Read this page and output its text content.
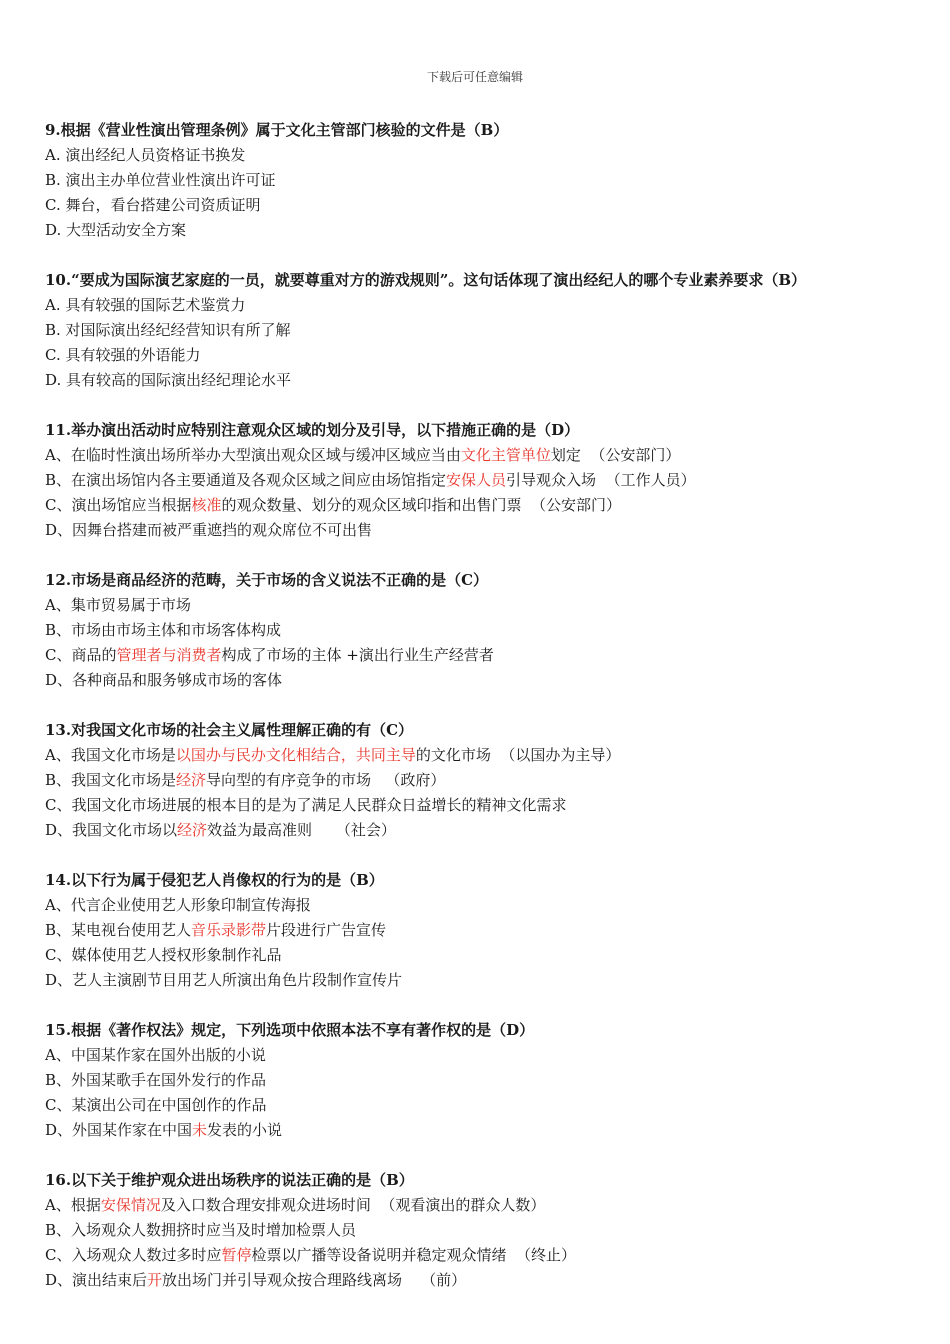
下载后可任意编辑
9.根据《营业性演出管理条例》属于文化主管部门核验的文件是（B）
A. 演出经纪人员资格证书换发
B. 演出主办单位营业性演出许可证
C. 舞台，看台搭建公司资质证明
D. 大型活动安全方案
10.“要成为国际演艺家庭的一员，就要尊重对方的游戏规则”。这句话体现了演出经纪人的哪个专业素养要求（B）
A. 具有较强的国际艺术鉴赏力
B. 对国际演出经纪经营知识有所了解
C. 具有较强的外语能力
D. 具有较高的国际演出经纪理论水平
11.举办演出活动时应特别注意观众区域的划分及引导，以下措施正确的是（D）
A、在临时性演出场所举办大型演出观众区域与缓冲区域应当由文化主管单位划定  （公安部门）
B、在演出场馆内各主要通道及各观众区域之间应由场馆指定安保人员引导观众入场  （工作人员）
C、演出场馆应当根据核准的观众数量、划分的观众区域印指和出售门票  （公安部门）
D、因舞台搭建而被严重遮挡的观众席位不可出售
12.市场是商品经济的范畴，关于市场的含义说法不正确的是（C）
A、集市贸易属于市场
B、市场由市场主体和市场客体构成
C、商品的管理者与消费者构成了市场的主体 +演出行业生产经营者
D、各种商品和服务够成市场的客体
13.对我国文化市场的社会主义属性理解正确的有（C）
A、我国文化市场是以国办与民办文化相结合，共同主导的文化市场  （以国办为主导）
B、我国文化市场是经济导向型的有序竞争的市场   （政府）
C、我国文化市场进展的根本目的是为了满足人民群众日益增长的精神文化需求
D、我国文化市场以经济效益为最高准则     （社会）
14.以下行为属于侵犯艺人肖像权的行为的是（B）
A、代言企业使用艺人形象印制宣传海报
B、某电视台使用艺人音乐录影带片段进行广告宣传
C、媒体使用艺人授权形象制作礼品
D、艺人主演剧节目用艺人所演出角色片段制作宣传片
15.根据《著作权法》规定，下列选项中依照本法不享有著作权的是（D）
A、中国某作家在国外出版的小说
B、外国某歌手在国外发行的作品
C、某演出公司在中国创作的作品
D、外国某作家在中国未发表的小说
16.以下关于维护观众进出场秩序的说法正确的是（B）
A、根据安保情况及入口数合理安排观众进场时间  （观看演出的群众人数）
B、入场观众人数拥挤时应当及时增加检票人员
C、入场观众人数过多时应暂停检票以广播等设备说明并稳定观众情绪  （终止）
D、演出结束后开放出场门并引导观众按合理路线离场    （前）
